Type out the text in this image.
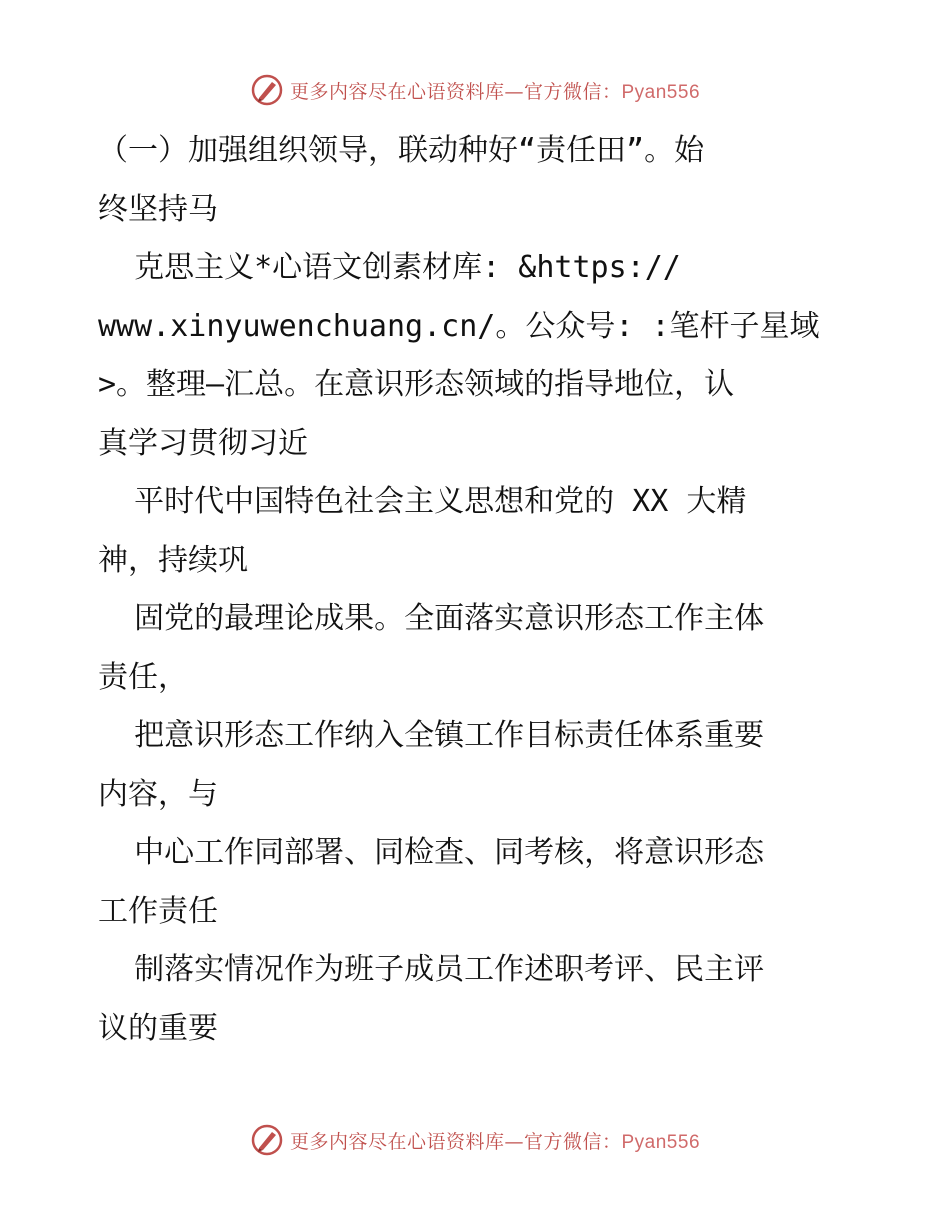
更多内容尽在心语资料库—官方微信：Pyan556

（一）加强组织领导，联动种好“责任田”。始
终坚持马

克思主义*心语文创素材库: &https://
www.xinyuwenchuang.cn/。公众号: :笔杆子星域
>。整理—汇总。在意识形态领域的指导地位，认
真学习贯彻习近

平时代中国特色社会主义思想和党的 XX 大精
神，持续巩

固党的最理论成果。全面落实意识形态工作主体
责任，

把意识形态工作纳入全镇工作目标责任体系重要
内容，与

中心工作同部署、同检查、同考核，将意识形态
工作责任

制落实情况作为班子成员工作述职考评、民主评
议的重要

更多内容尽在心语资料库—官方微信：Pyan556
